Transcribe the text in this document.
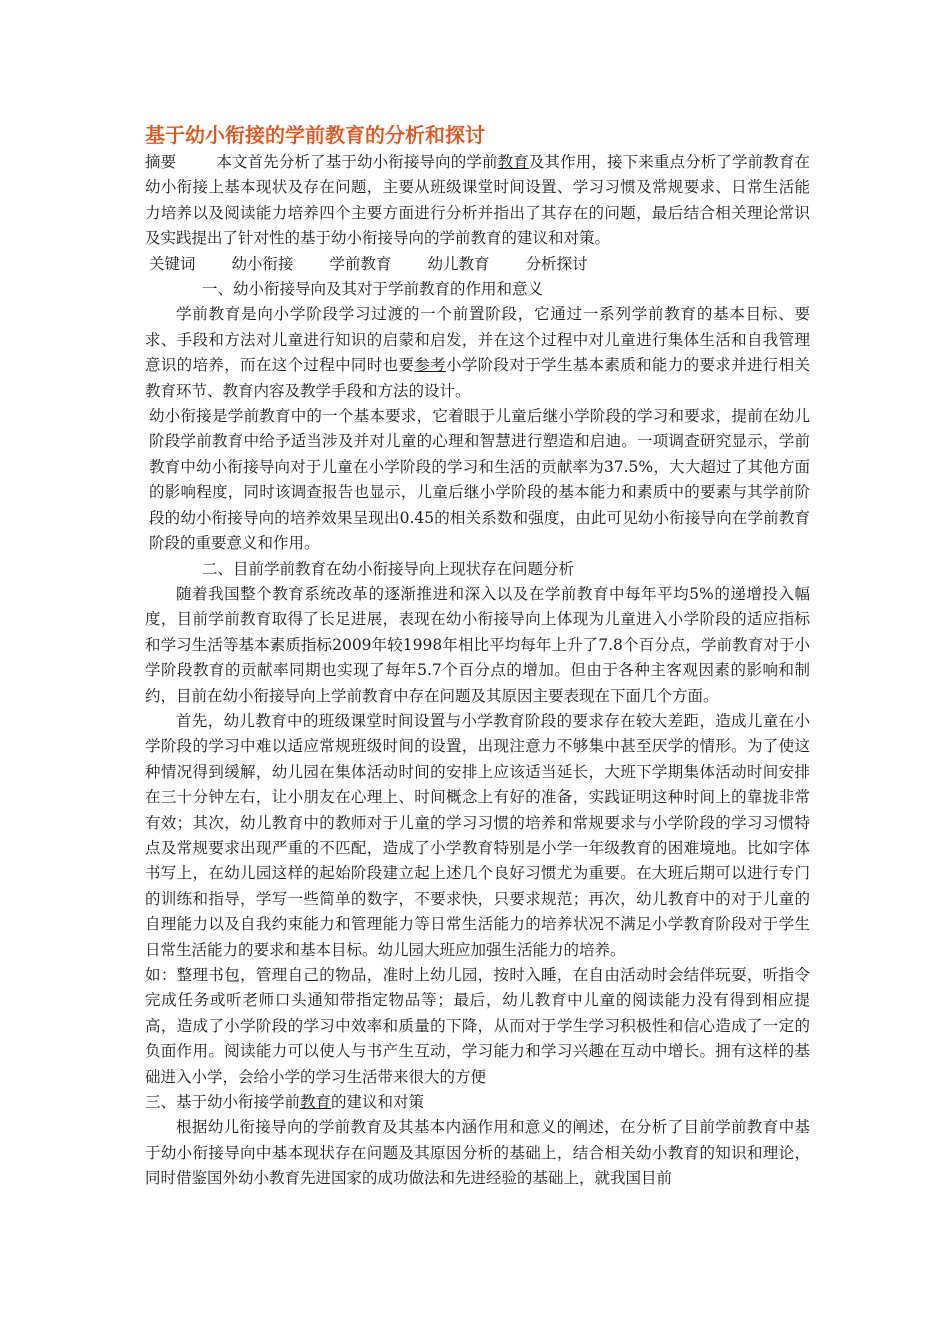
基于幼小衔接的学前教育的分析和探讨

摘要	本文首先分析了基于幼小衔接导向的学前教育及其作用，接下来重点分析了学前教育在幼小衔接上基本现状及存在问题，主要从班级课堂时间设置、学习习惯及常规要求、日常生活能力培养以及阅读能力培养四个主要方面进行分析并指出了其存在的问题，最后结合相关理论常识及实践提出了针对性的基于幼小衔接导向的学前教育的建议和对策。

关键词 幼小衔接 学前教育 幼儿教育 分析探讨

一、幼小衔接导向及其对于学前教育的作用和意义

学前教育是向小学阶段学习过渡的一个前置阶段，它通过一系列学前教育的基本目标、要求、手段和方法对儿童进行知识的启蒙和启发，并在这个过程中对儿童进行集体生活和自我管理意识的培养，而在这个过程中同时也要参考小学阶段对于学生基本素质和能力的要求并进行相关教育环节、教育内容及教学手段和方法的设计。

幼小衔接是学前教育中的一个基本要求，它着眼于儿童后继小学阶段的学习和要求，提前在幼儿阶段学前教育中给予适当涉及并对儿童的心理和智慧进行塑造和启迪。一项调查研究显示，学前教育中幼小衔接导向对于儿童在小学阶段的学习和生活的贡献率为37.5%，大大超过了其他方面的影响程度，同时该调查报告也显示，儿童后继小学阶段的基本能力和素质中的要素与其学前阶段的幼小衔接导向的培养效果呈现出0.45的相关系数和强度，由此可见幼小衔接导向在学前教育阶段的重要意义和作用。

二、目前学前教育在幼小衔接导向上现状存在问题分析

随着我国整个教育系统改革的逐渐推进和深入以及在学前教育中每年平均5%的递增投入幅度，目前学前教育取得了长足进展，表现在幼小衔接导向上体现为儿童进入小学阶段的适应指标和学习生活等基本素质指标2009年较1998年相比平均每年上升了7.8个百分点，学前教育对于小学阶段教育的贡献率同期也实现了每年5.7个百分点的增加。但由于各种主客观因素的影响和制约，目前在幼小衔接导向上学前教育中存在问题及其原因主要表现在下面几个方面。

首先，幼儿教育中的班级课堂时间设置与小学教育阶段的要求存在较大差距，造成儿童在小学阶段的学习中难以适应常规班级时间的设置，出现注意力不够集中甚至厌学的情形。为了使这种情况得到缓解，幼儿园在集体活动时间的安排上应该适当延长，大班下学期集体活动时间安排在三十分钟左右，让小朋友在心理上、时间概念上有好的准备，实践证明这种时间上的靠拢非常有效；其次，幼儿教育中的教师对于儿童的学习习惯的培养和常规要求与小学阶段的学习习惯特点及常规要求出现严重的不匹配，造成了小学教育特别是小学一年级教育的困难境地。比如字体书写上，在幼儿园这样的起始阶段建立起上述几个良好习惯尤为重要。在大班后期可以进行专门的训练和指导，学写一些简单的数字，不要求快，只要求规范；再次，幼儿教育中的对于儿童的自理能力以及自我约束能力和管理能力等日常生活能力的培养状况不满足小学教育阶段对于学生日常生活能力的要求和基本目标。幼儿园大班应加强生活能力的培养。

如：整理书包，管理自己的物品，准时上幼儿园，按时入睡，在自由活动时会结伴玩耍，听指令完成任务或听老师口头通知带指定物品等；最后，幼儿教育中儿童的阅读能力没有得到相应提高，造成了小学阶段的学习中效率和质量的下降，从而对于学生学习积极性和信心造成了一定的负面作用。阅读能力可以使人与书产生互动，学习能力和学习兴趣在互动中增长。拥有这样的基础进入小学，会给小学的学习生活带来很大的方便

三、基于幼小衔接学前教育的建议和对策

根据幼儿衔接导向的学前教育及其基本内涵作用和意义的阐述，在分析了目前学前教育中基于幼小衔接导向中基本现状存在问题及其原因分析的基础上，结合相关幼小教育的知识和理论，同时借鉴国外幼小教育先进国家的成功做法和先进经验的基础上，就我国目前
